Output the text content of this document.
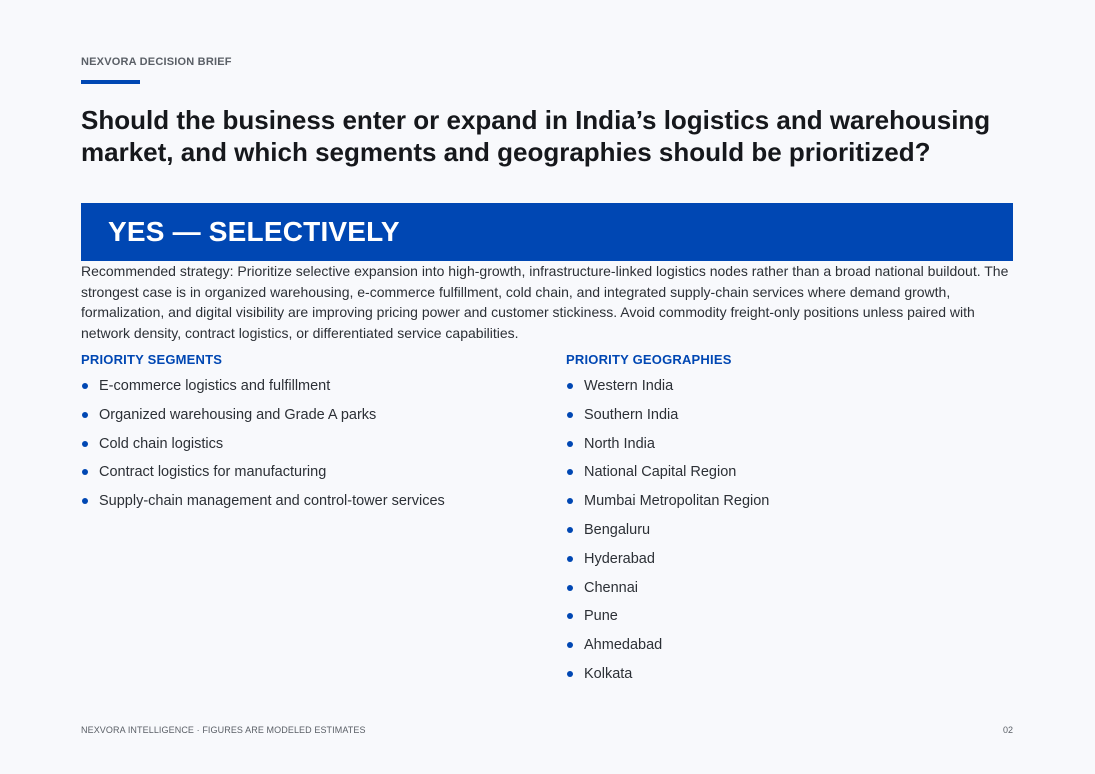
NEXVORA DECISION BRIEF
Should the business enter or expand in India’s logistics and warehousing market, and which segments and geographies should be prioritized?
YES — SELECTIVELY

Recommended strategy: Prioritize selective expansion into high-growth, infrastructure-linked logistics nodes rather than a broad national buildout. The strongest case is in organized warehousing, e-commerce fulfillment, cold chain, and integrated supply-chain services where demand growth, formalization, and digital visibility are improving pricing power and customer stickiness. Avoid commodity freight-only positions unless paired with network density, contract logistics, or differentiated service capabilities.

PRIORITY SEGMENTS
E-commerce logistics and fulfillment
Organized warehousing and Grade A parks
Cold chain logistics
Contract logistics for manufacturing
Supply-chain management and control-tower services
PRIORITY GEOGRAPHIES
Western India
Southern India
North India
National Capital Region
Mumbai Metropolitan Region
Bengaluru
Hyderabad
Chennai
Pune
Ahmedabad
Kolkata
NEXVORA INTELLIGENCE · FIGURES ARE MODELED ESTIMATES	02
